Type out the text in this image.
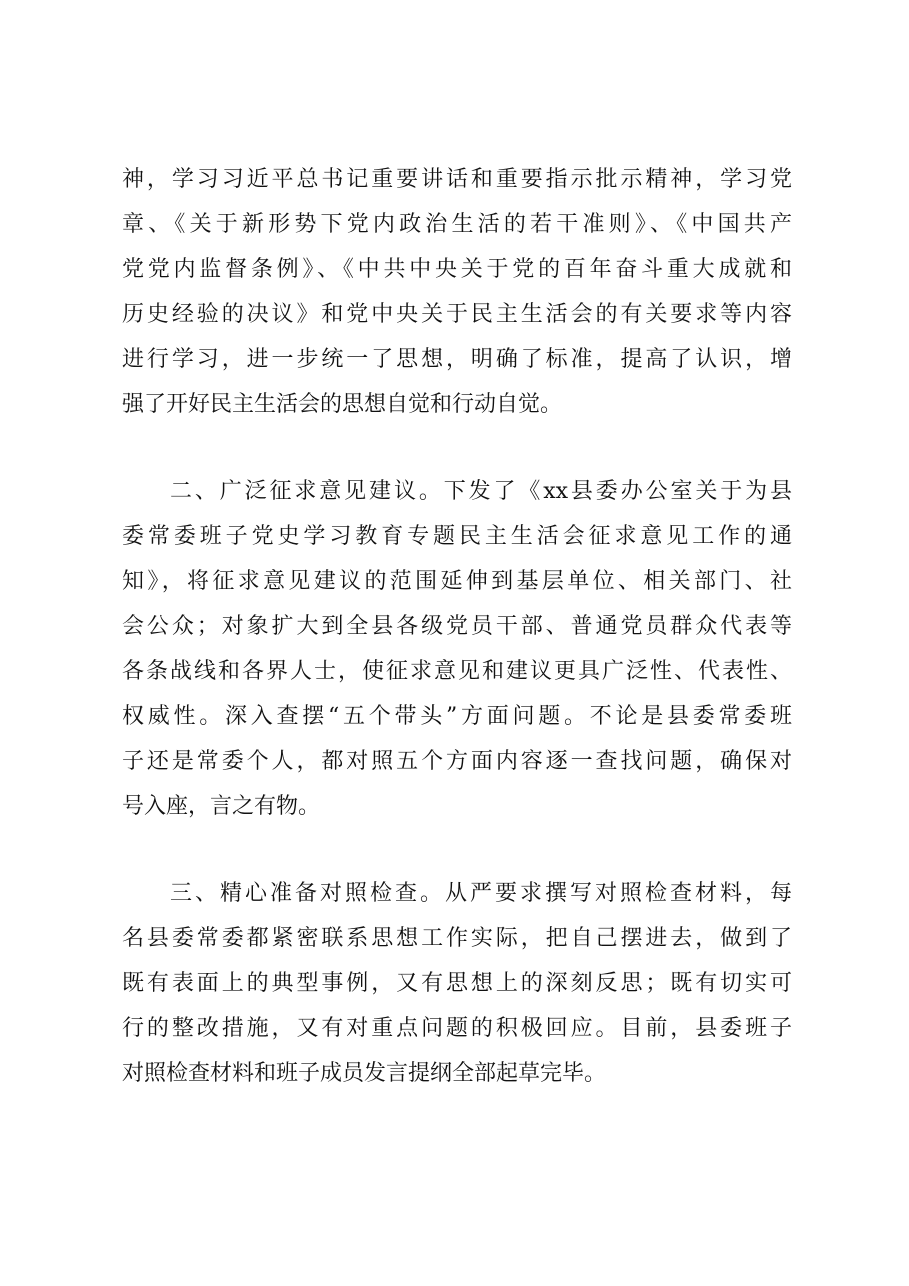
神，学习习近平总书记重要讲话和重要指示批示精神，学习党
章、《关于新形势下党内政治生活的若干准则》、《中国共产
党党内监督条例》、《中共中央关于党的百年奋斗重大成就和
历史经验的决议》和党中央关于民主生活会的有关要求等内容
进行学习，进一步统一了思想，明确了标准，提高了认识，增
强了开好民主生活会的思想自觉和行动自觉。
二、广泛征求意见建议。下发了《xx县委办公室关于为县
委常委班子党史学习教育专题民主生活会征求意见工作的通
知》，将征求意见建议的范围延伸到基层单位、相关部门、社
会公众；对象扩大到全县各级党员干部、普通党员群众代表等
各条战线和各界人士，使征求意见和建议更具广泛性、代表性、
权威性。深入查摆“五个带头”方面问题。不论是县委常委班
子还是常委个人，都对照五个方面内容逐一查找问题，确保对
号入座，言之有物。
三、精心准备对照检查。从严要求撰写对照检查材料，每
名县委常委都紧密联系思想工作实际，把自己摆进去，做到了
既有表面上的典型事例，又有思想上的深刻反思；既有切实可
行的整改措施，又有对重点问题的积极回应。目前，县委班子
对照检查材料和班子成员发言提纲全部起草完毕。
